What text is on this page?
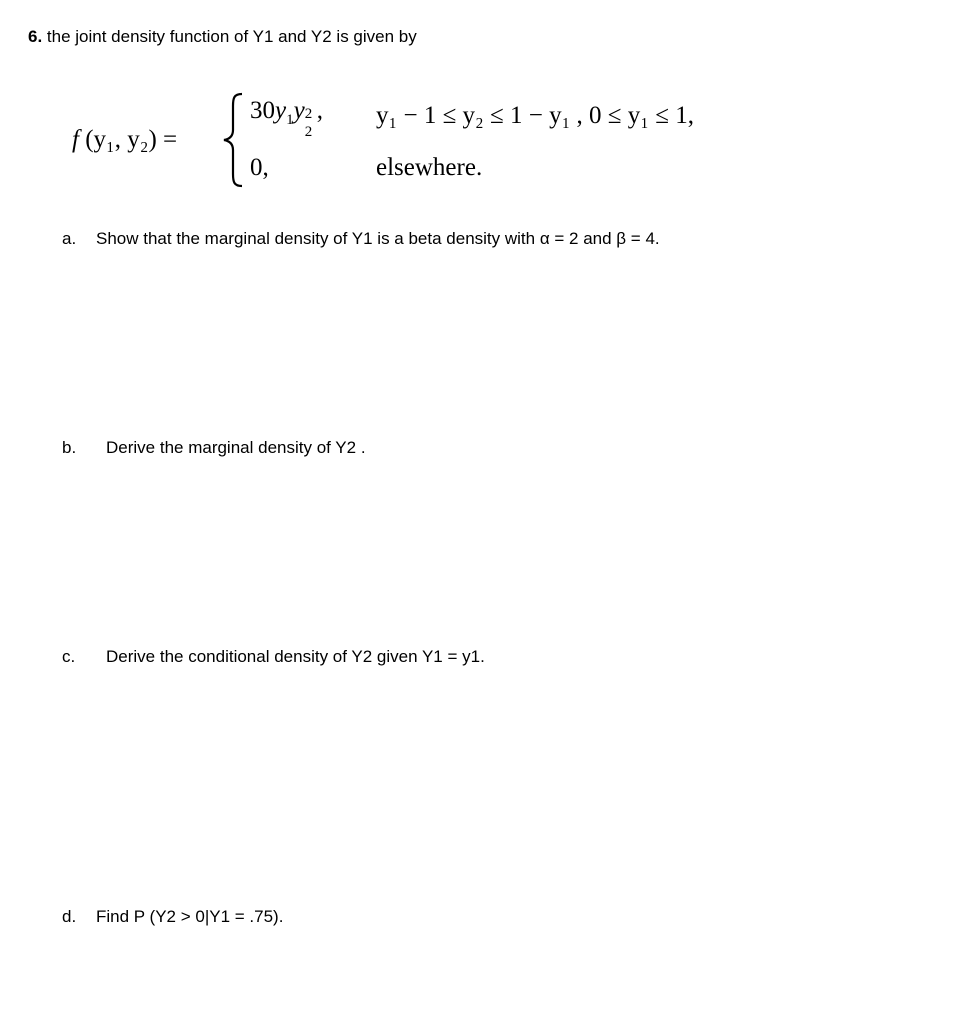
6. the joint density function of Y1 and Y2 is given by
f (y₁, y₂) =
$30y_1y$ 2
2
, y₁ − 1 ≤ y₂ ≤ 1 − y₁ , 0 ≤ y₁ ≤ 1,
0,	elsewhere.
a. Show that the marginal density of Y1 is a beta density with α = 2 and β = 4.
b. Derive the marginal density of Y2 .
c. Derive the conditional density of Y2 given Y1 = y1.
d. Find P (Y2 > 0|Y1 = .75).
